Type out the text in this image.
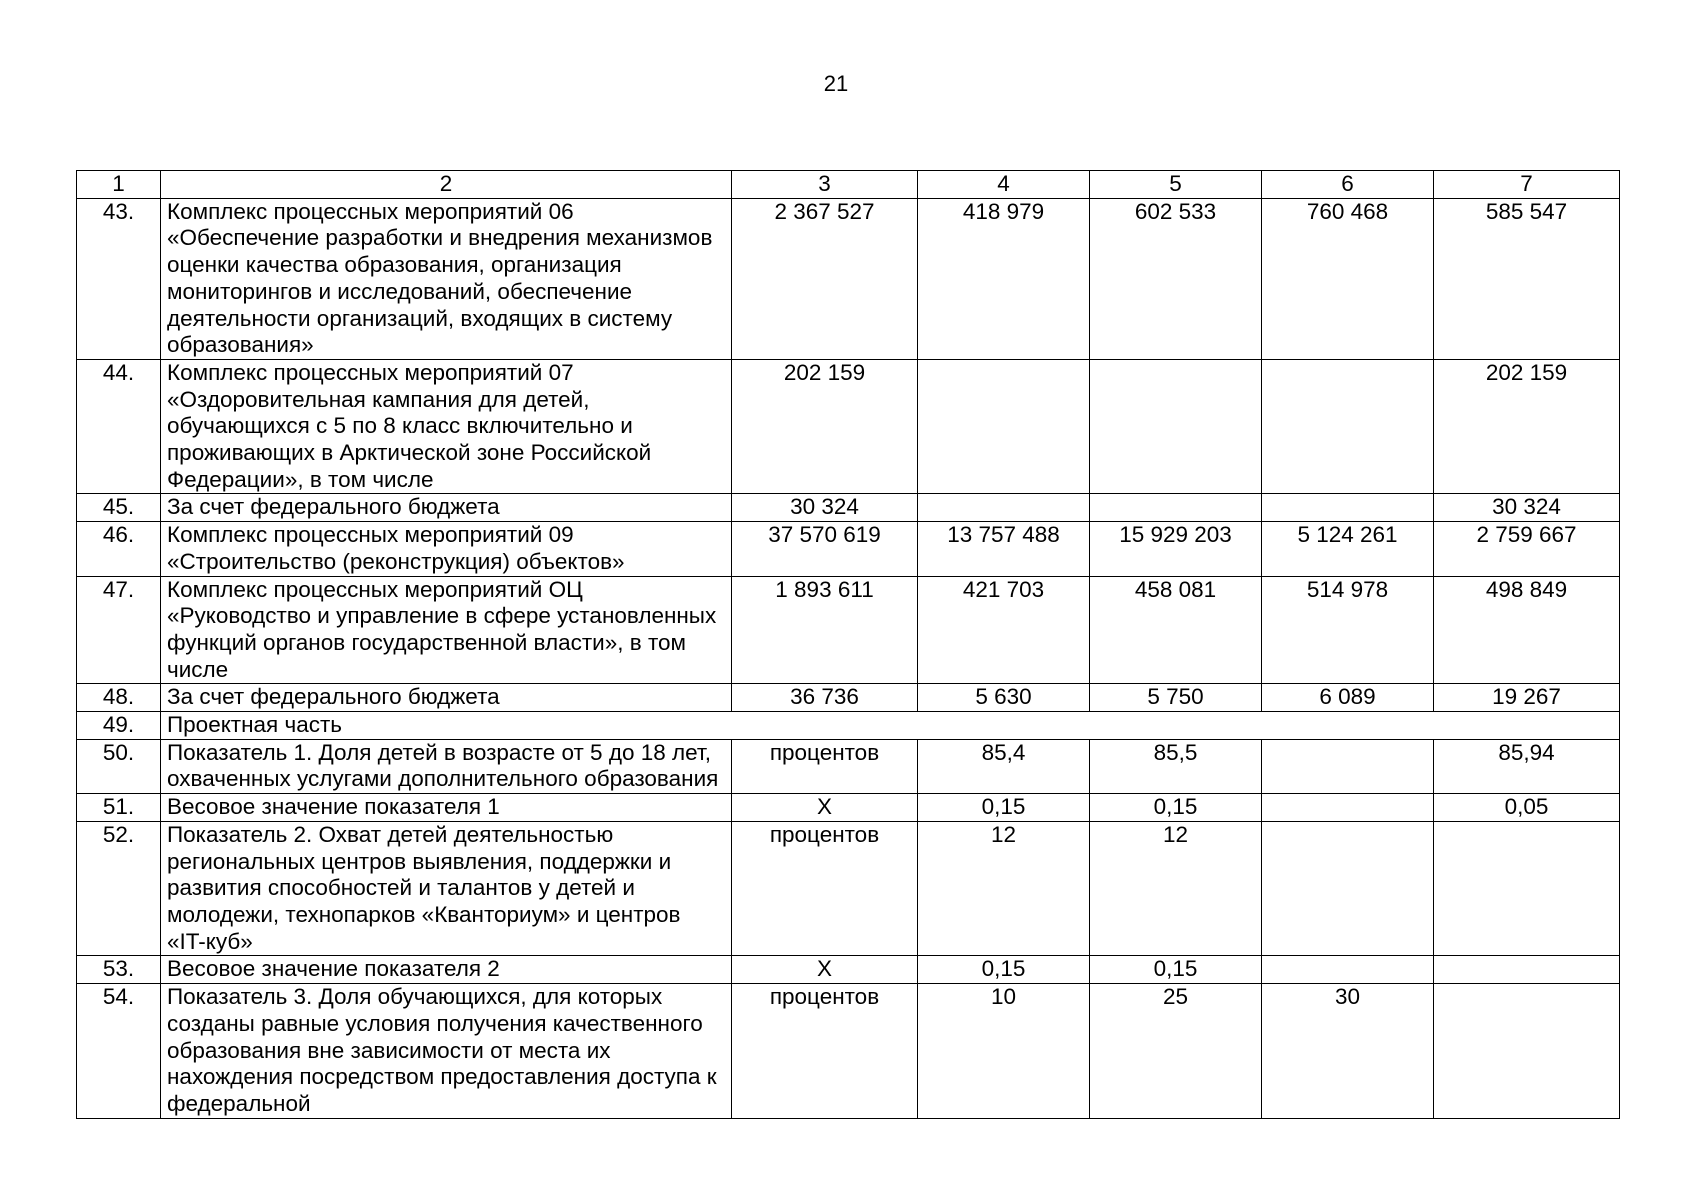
21
1	2	3	4	5	6	7
43.	Комплекс процессных мероприятий 06 «Обеспечение разработки и внедрения механизмов оценки качества образования, организация мониторингов и исследований, обеспечение деятельности организаций, входящих в систему образования»	2 367 527	418 979	602 533	760 468	585 547
44.	Комплекс процессных мероприятий 07 «Оздоровительная кампания для детей, обучающихся с 5 по 8 класс включительно и проживающих в Арктической зоне Российской Федерации», в том числе	202 159				202 159
45.	За счет федерального бюджета	30 324				30 324
46.	Комплекс процессных мероприятий 09 «Строительство (реконструкция) объектов»	37 570 619	13 757 488	15 929 203	5 124 261	2 759 667
47.	Комплекс процессных мероприятий ОЦ «Руководство и управление в сфере установленных функций органов государственной власти», в том числе	1 893 611	421 703	458 081	514 978	498 849
48.	За счет федерального бюджета	36 736	5 630	5 750	6 089	19 267
49.	Проектная часть					
50.	Показатель 1. Доля детей в возрасте от 5 до 18 лет, охваченных услугами дополнительного образования	процентов	85,4	85,5		85,94
51.	Весовое значение показателя 1	X	0,15	0,15		0,05
52.	Показатель 2. Охват детей деятельностью региональных центров выявления, поддержки и развития способностей и талантов у детей и молодежи, технопарков «Кванториум» и центров «IT-куб»	процентов	12	12		
53.	Весовое значение показателя 2	X	0,15	0,15		
54.	Показатель 3. Доля обучающихся, для которых созданы равные условия получения качественного образования вне зависимости от места их нахождения посредством предоставления доступа к федеральной	процентов	10	25	30	
